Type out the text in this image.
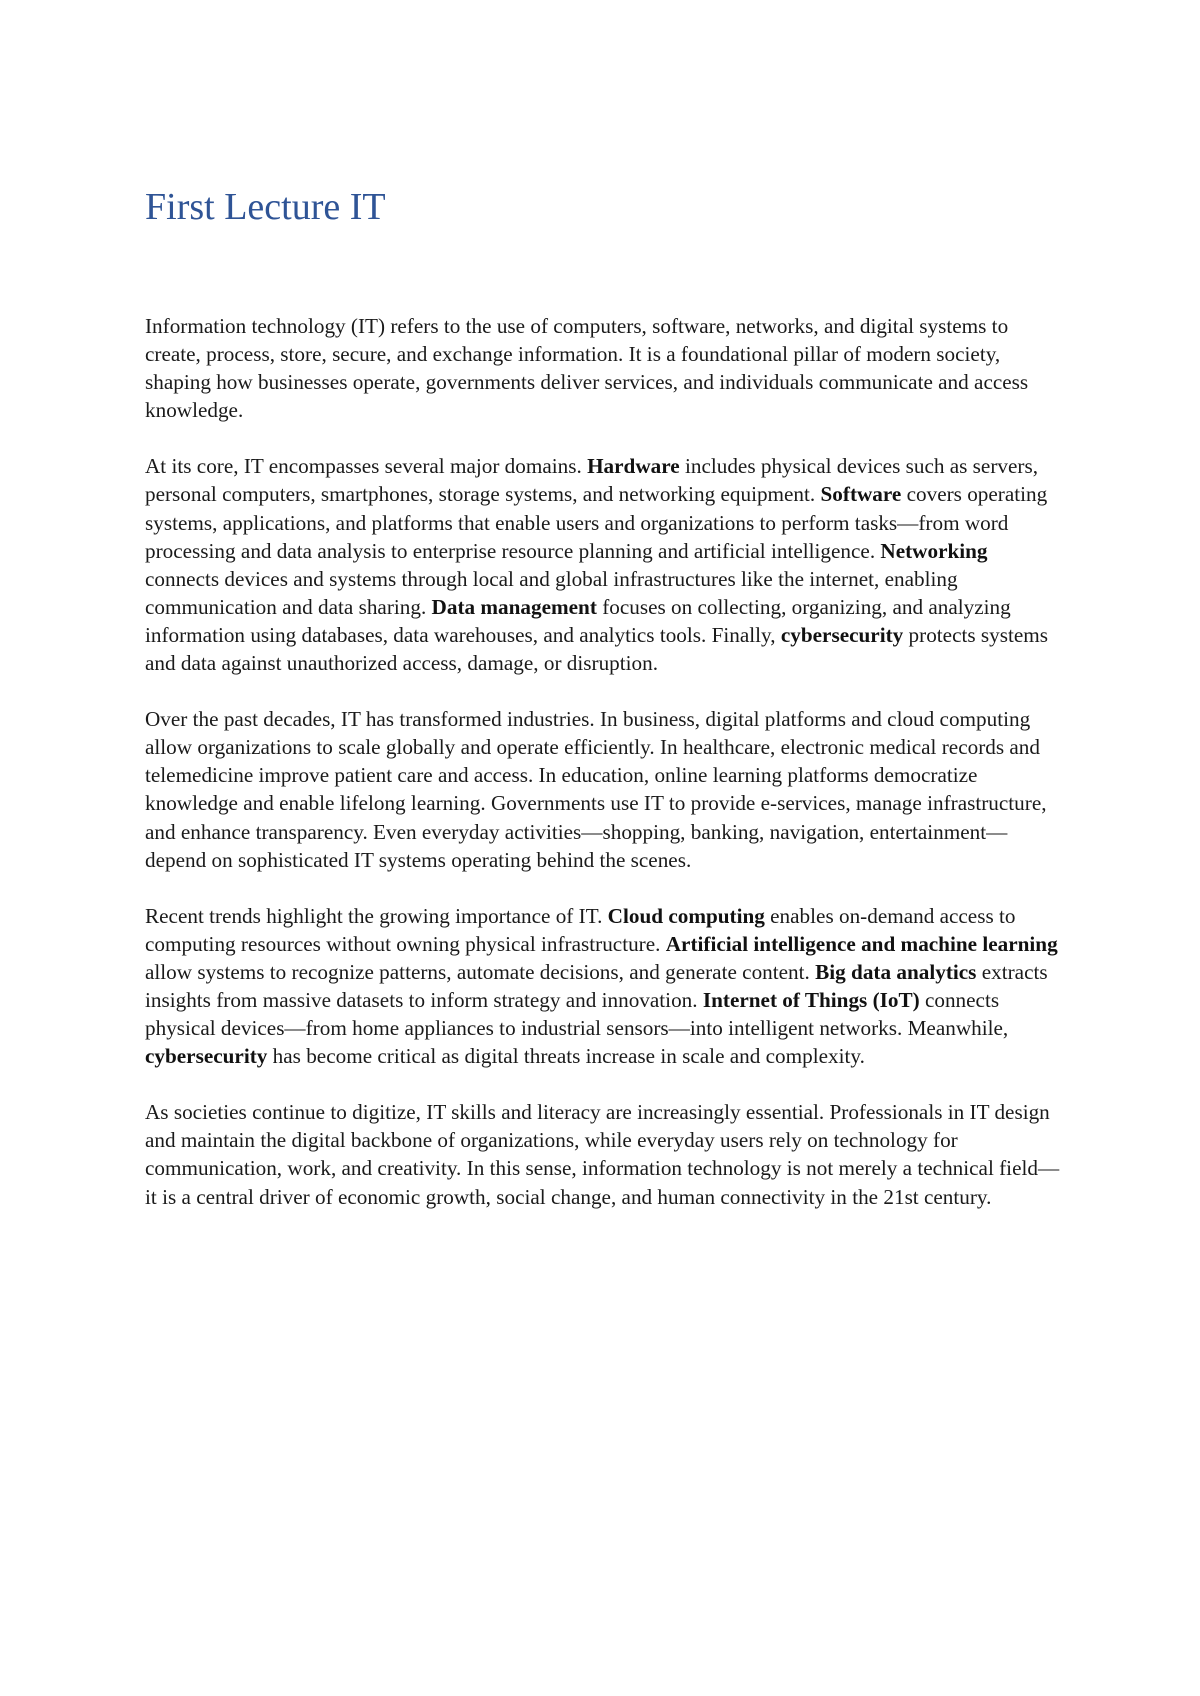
First Lecture IT

Information technology (IT) refers to the use of computers, software, networks, and digital systems to create, process, store, secure, and exchange information. It is a foundational pillar of modern society, shaping how businesses operate, governments deliver services, and individuals communicate and access knowledge.

At its core, IT encompasses several major domains. Hardware includes physical devices such as servers, personal computers, smartphones, storage systems, and networking equipment. Software covers operating systems, applications, and platforms that enable users and organizations to perform tasks—from word processing and data analysis to enterprise resource planning and artificial intelligence. Networking connects devices and systems through local and global infrastructures like the internet, enabling communication and data sharing. Data management focuses on collecting, organizing, and analyzing information using databases, data warehouses, and analytics tools. Finally, cybersecurity protects systems and data against unauthorized access, damage, or disruption.

Over the past decades, IT has transformed industries. In business, digital platforms and cloud computing allow organizations to scale globally and operate efficiently. In healthcare, electronic medical records and telemedicine improve patient care and access. In education, online learning platforms democratize knowledge and enable lifelong learning. Governments use IT to provide e-services, manage infrastructure, and enhance transparency. Even everyday activities—shopping, banking, navigation, entertainment—depend on sophisticated IT systems operating behind the scenes.

Recent trends highlight the growing importance of IT. Cloud computing enables on-demand access to computing resources without owning physical infrastructure. Artificial intelligence and machine learning allow systems to recognize patterns, automate decisions, and generate content. Big data analytics extracts insights from massive datasets to inform strategy and innovation. Internet of Things (IoT) connects physical devices—from home appliances to industrial sensors—into intelligent networks. Meanwhile, cybersecurity has become critical as digital threats increase in scale and complexity.

As societies continue to digitize, IT skills and literacy are increasingly essential. Professionals in IT design and maintain the digital backbone of organizations, while everyday users rely on technology for communication, work, and creativity. In this sense, information technology is not merely a technical field—it is a central driver of economic growth, social change, and human connectivity in the 21st century.
